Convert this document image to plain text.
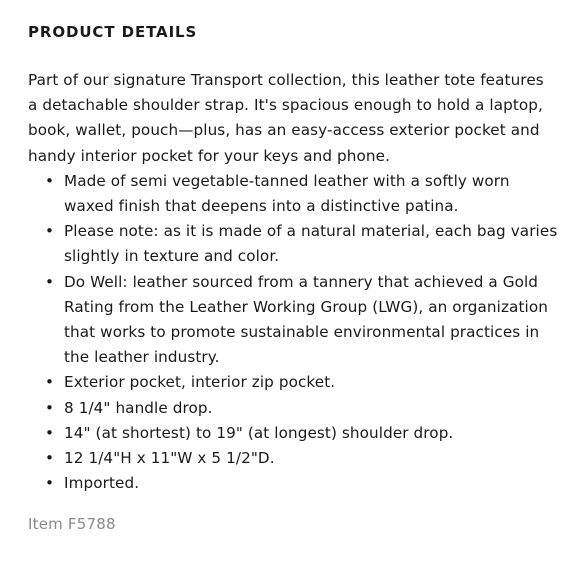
PRODUCT DETAILS

Part of our signature Transport collection, this leather tote features a detachable shoulder strap. It's spacious enough to hold a laptop, book, wallet, pouch—plus, has an easy-access exterior pocket and handy interior pocket for your keys and phone.

• Made of semi vegetable-tanned leather with a softly worn waxed finish that deepens into a distinctive patina.
• Please note: as it is made of a natural material, each bag varies slightly in texture and color.
• Do Well: leather sourced from a tannery that achieved a Gold Rating from the Leather Working Group (LWG), an organization that works to promote sustainable environmental practices in the leather industry.
• Exterior pocket, interior zip pocket.
• 8 1/4" handle drop.
• 14" (at shortest) to 19" (at longest) shoulder drop.
• 12 1/4"H x 11"W x 5 1/2"D.
• Imported.
Item F5788
